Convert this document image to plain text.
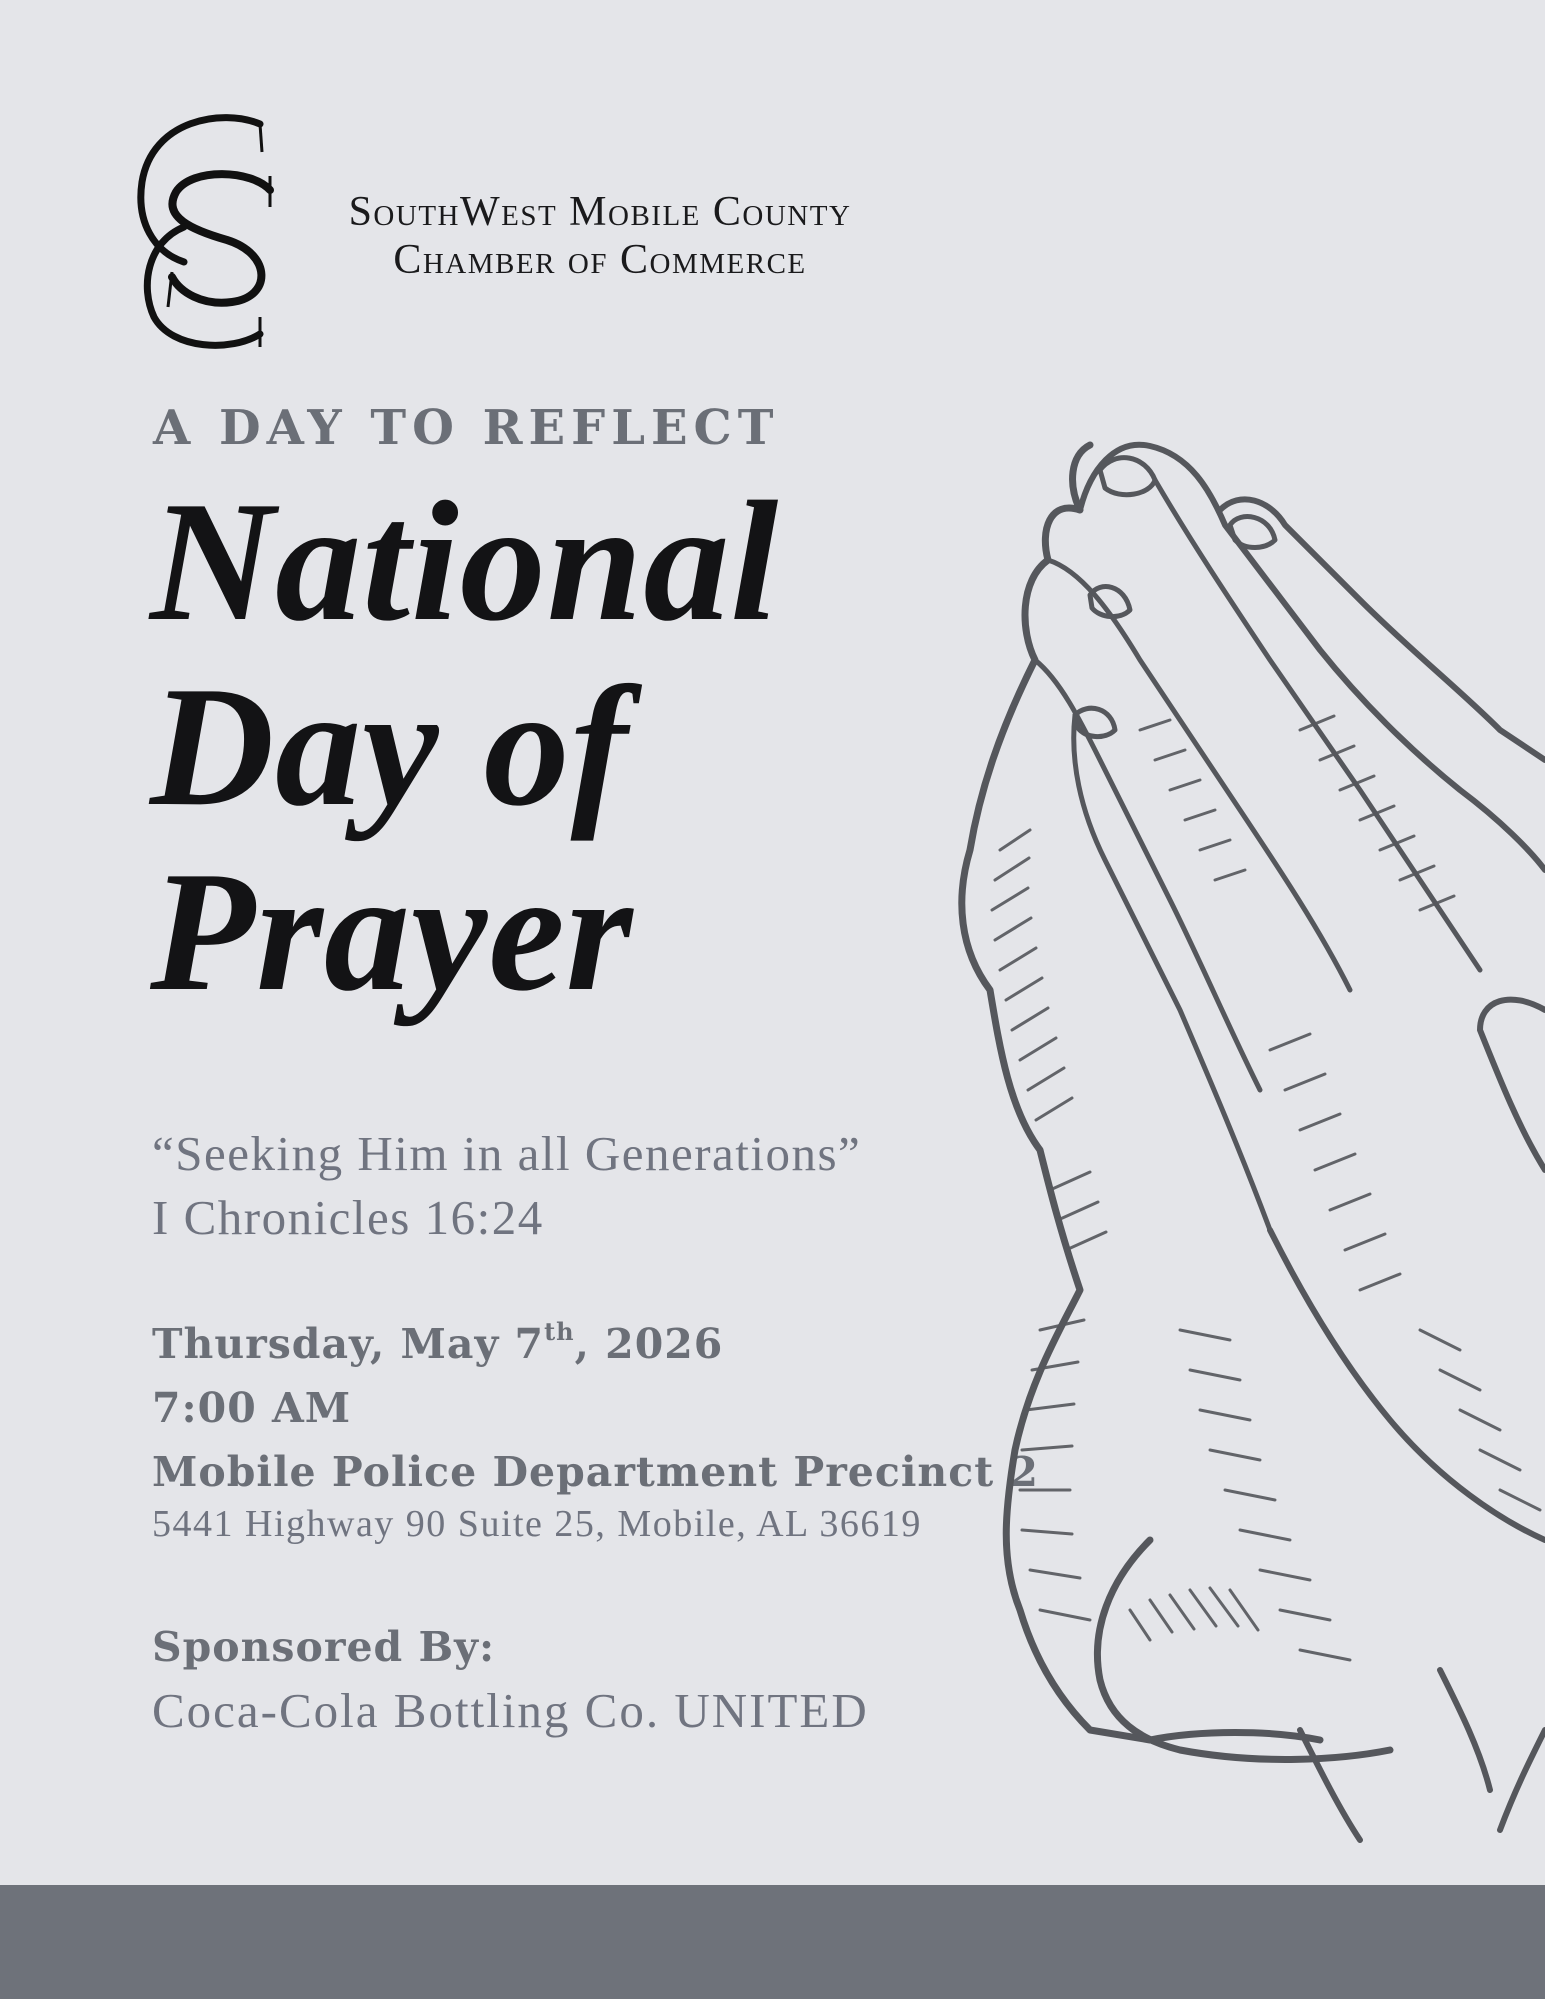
SouthWest Mobile County
Chamber of Commerce
A DAY TO REFLECT
National
Day of
Prayer
“Seeking Him in all Generations”
I Chronicles 16:24
Thursday, May 7th, 2026
7:00 AM
Mobile Police Department Precinct 2
5441 Highway 90 Suite 25, Mobile, AL 36619
Sponsored By:
Coca-Cola Bottling Co. UNITED
